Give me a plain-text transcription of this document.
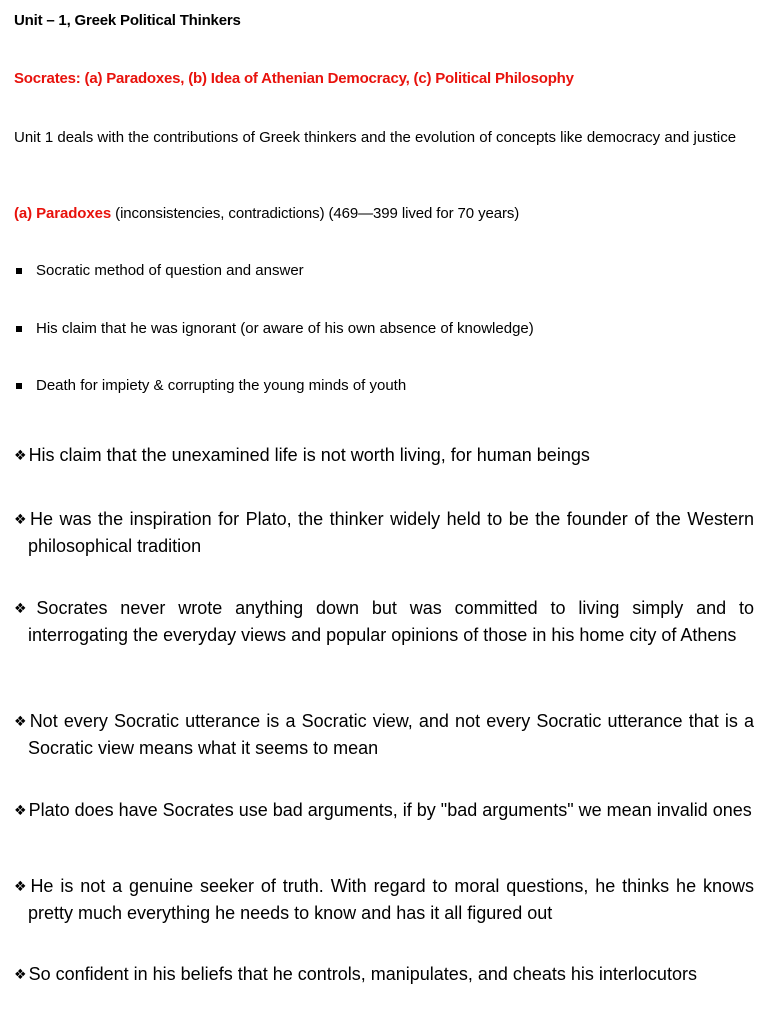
Unit – 1, Greek Political Thinkers
Socrates: (a) Paradoxes, (b) Idea of Athenian Democracy, (c) Political Philosophy
Unit 1 deals with the contributions of Greek thinkers and the evolution of concepts like democracy and justice
(a) Paradoxes (inconsistencies, contradictions) (469—399 lived for 70 years)
Socratic method of question and answer
His claim that he was ignorant (or aware of his own absence of knowledge)
Death for impiety & corrupting the young minds of youth
❖ His claim that the unexamined life is not worth living, for human beings
❖ He was the inspiration for Plato, the thinker widely held to be the founder of the Western philosophical tradition
❖ Socrates never wrote anything down but was committed to living simply and to interrogating the everyday views and popular opinions of those in his home city of Athens
❖ Not every Socratic utterance is a Socratic view, and not every Socratic utterance that is a Socratic view means what it seems to mean
❖ Plato does have Socrates use bad arguments, if by "bad arguments" we mean invalid ones
❖ He is not a genuine seeker of truth. With regard to moral questions, he thinks he knows pretty much everything he needs to know and has it all figured out
❖ So confident in his beliefs that he controls, manipulates, and cheats his interlocutors
